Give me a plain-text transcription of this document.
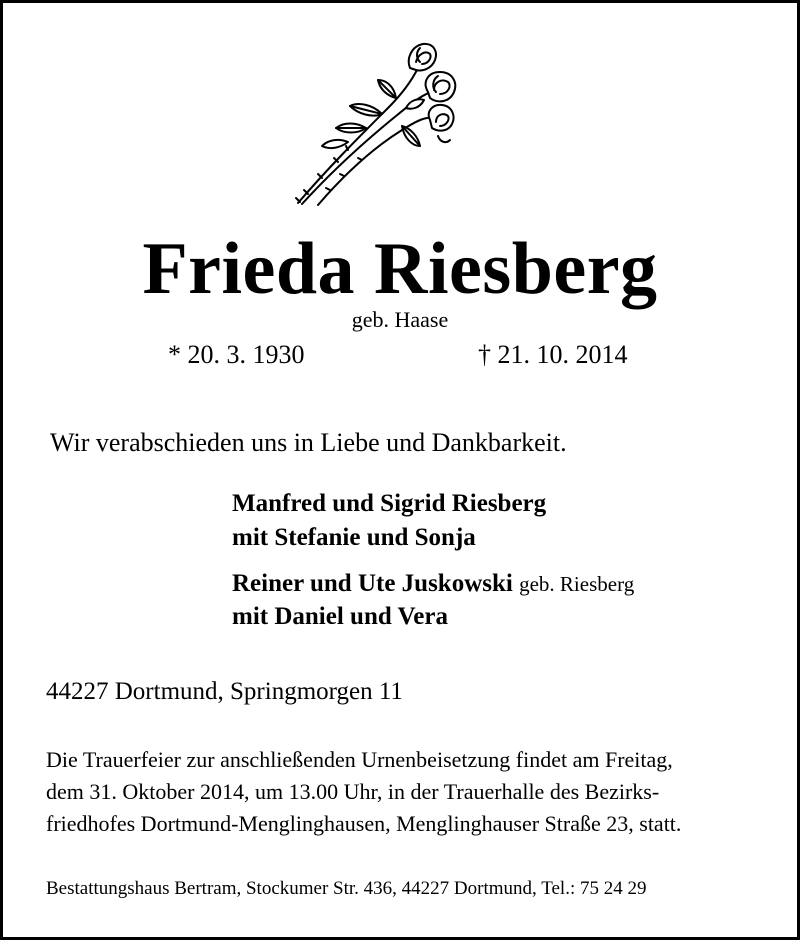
Frieda Riesberg
geb. Haase
* 20. 3. 1930	† 21. 10. 2014
Wir verabschieden uns in Liebe und Dankbarkeit.
Manfred und Sigrid Riesberg
mit Stefanie und Sonja
Reiner und Ute Juskowski geb. Riesberg
mit Daniel und Vera
44227 Dortmund, Springmorgen 11
Die Trauerfeier zur anschließenden Urnenbeisetzung findet am Freitag,
dem 31. Oktober 2014, um 13.00 Uhr, in der Trauerhalle des Bezirks-
friedhofes Dortmund-Menglinghausen, Menglinghauser Straße 23, statt.
Bestattungshaus Bertram, Stockumer Str. 436, 44227 Dortmund, Tel.: 75 24 29
